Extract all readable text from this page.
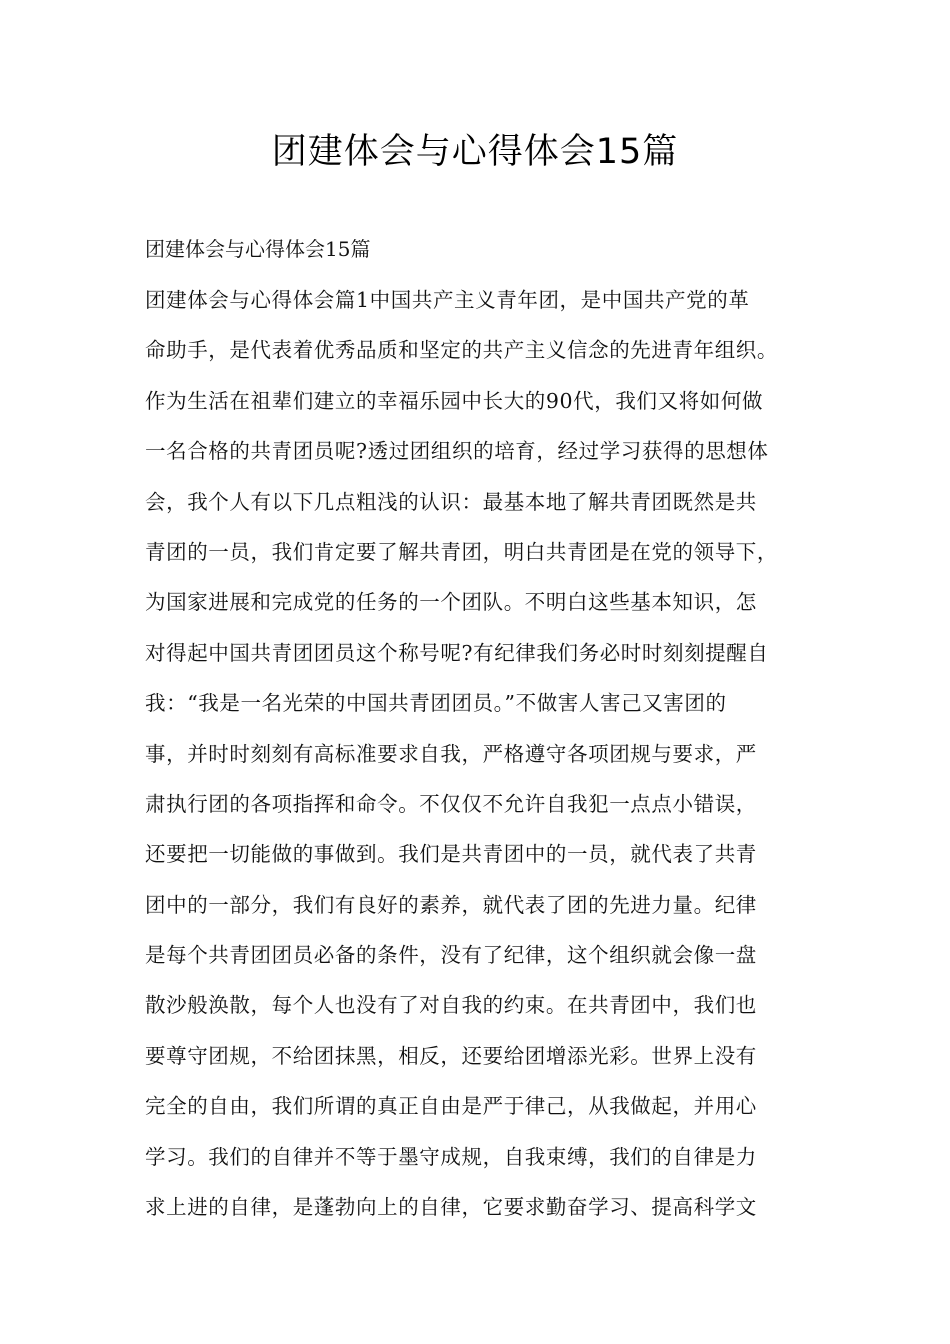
团建体会与心得体会15篇

团建体会与心得体会15篇

团建体会与心得体会篇1中国共产主义青年团，是中国共产党的革
命助手，是代表着优秀品质和坚定的共产主义信念的先进青年组织。
作为生活在祖辈们建立的幸福乐园中长大的90代，我们又将如何做
一名合格的共青团员呢?透过团组织的培育，经过学习获得的思想体
会，我个人有以下几点粗浅的认识：最基本地了解共青团既然是共
青团的一员，我们肯定要了解共青团，明白共青团是在党的领导下，
为国家进展和完成党的任务的一个团队。不明白这些基本知识，怎
对得起中国共青团团员这个称号呢?有纪律我们务必时时刻刻提醒自
我：“我是一名光荣的中国共青团团员。”不做害人害己又害团的
事，并时时刻刻有高标准要求自我，严格遵守各项团规与要求，严
肃执行团的各项指挥和命令。不仅仅不允许自我犯一点点小错误，
还要把一切能做的事做到。我们是共青团中的一员，就代表了共青
团中的一部分，我们有良好的素养，就代表了团的先进力量。纪律
是每个共青团团员必备的条件，没有了纪律，这个组织就会像一盘
散沙般涣散，每个人也没有了对自我的约束。在共青团中，我们也
要尊守团规，不给团抹黑，相反，还要给团增添光彩。世界上没有
完全的自由，我们所谓的真正自由是严于律己，从我做起，并用心
学习。我们的自律并不等于墨守成规，自我束缚，我们的自律是力
求上进的自律，是蓬勃向上的自律，它要求勤奋学习、提高科学文
